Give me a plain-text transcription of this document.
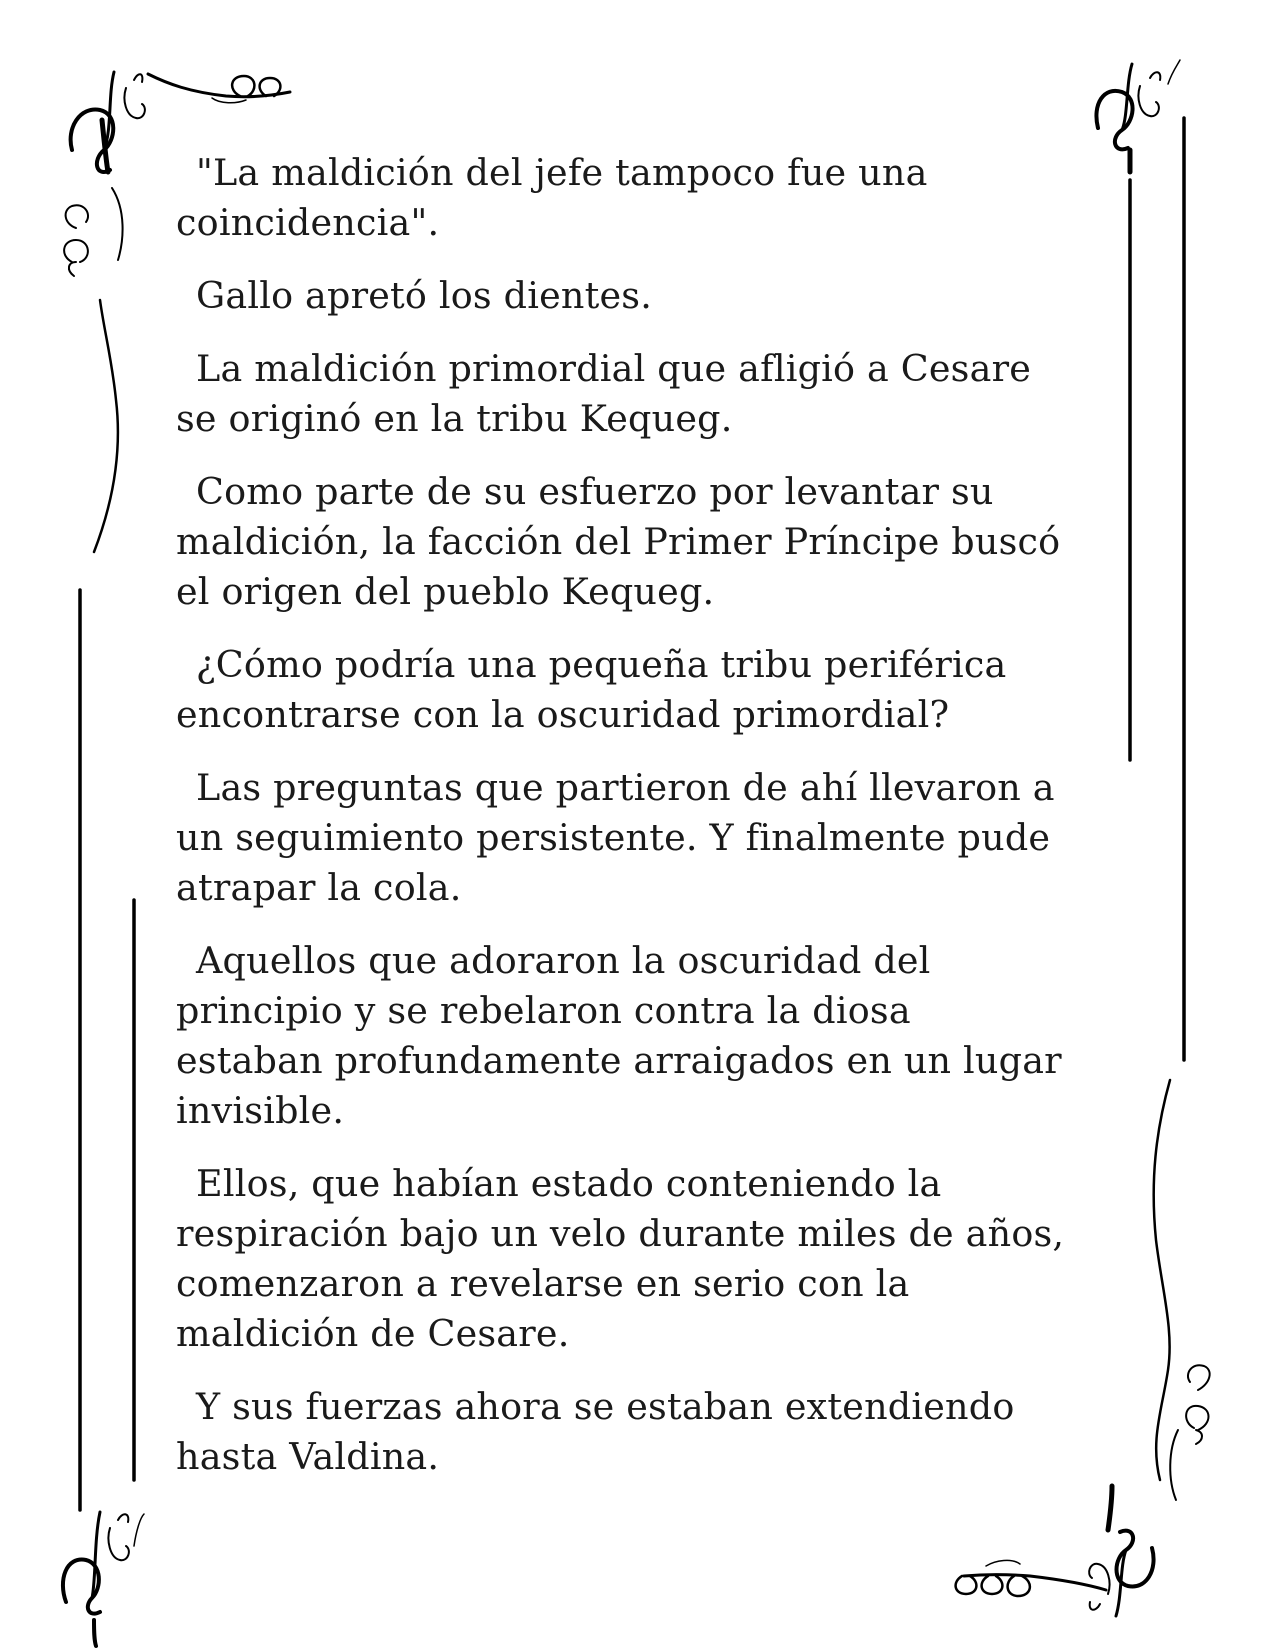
"La maldición del jefe tampoco fue una coincidencia".

Gallo apretó los dientes.

La maldición primordial que afligió a Cesare se originó en la tribu Kequeg.

Como parte de su esfuerzo por levantar su maldición, la facción del Primer Príncipe buscó el origen del pueblo Kequeg.

¿Cómo podría una pequeña tribu periférica encontrarse con la oscuridad primordial?

Las preguntas que partieron de ahí llevaron a un seguimiento persistente. Y finalmente pude atrapar la cola.

Aquellos que adoraron la oscuridad del principio y se rebelaron contra la diosa estaban profundamente arraigados en un lugar invisible.

Ellos, que habían estado conteniendo la respiración bajo un velo durante miles de años, comenzaron a revelarse en serio con la maldición de Cesare.

Y sus fuerzas ahora se estaban extendiendo hasta Valdina.
